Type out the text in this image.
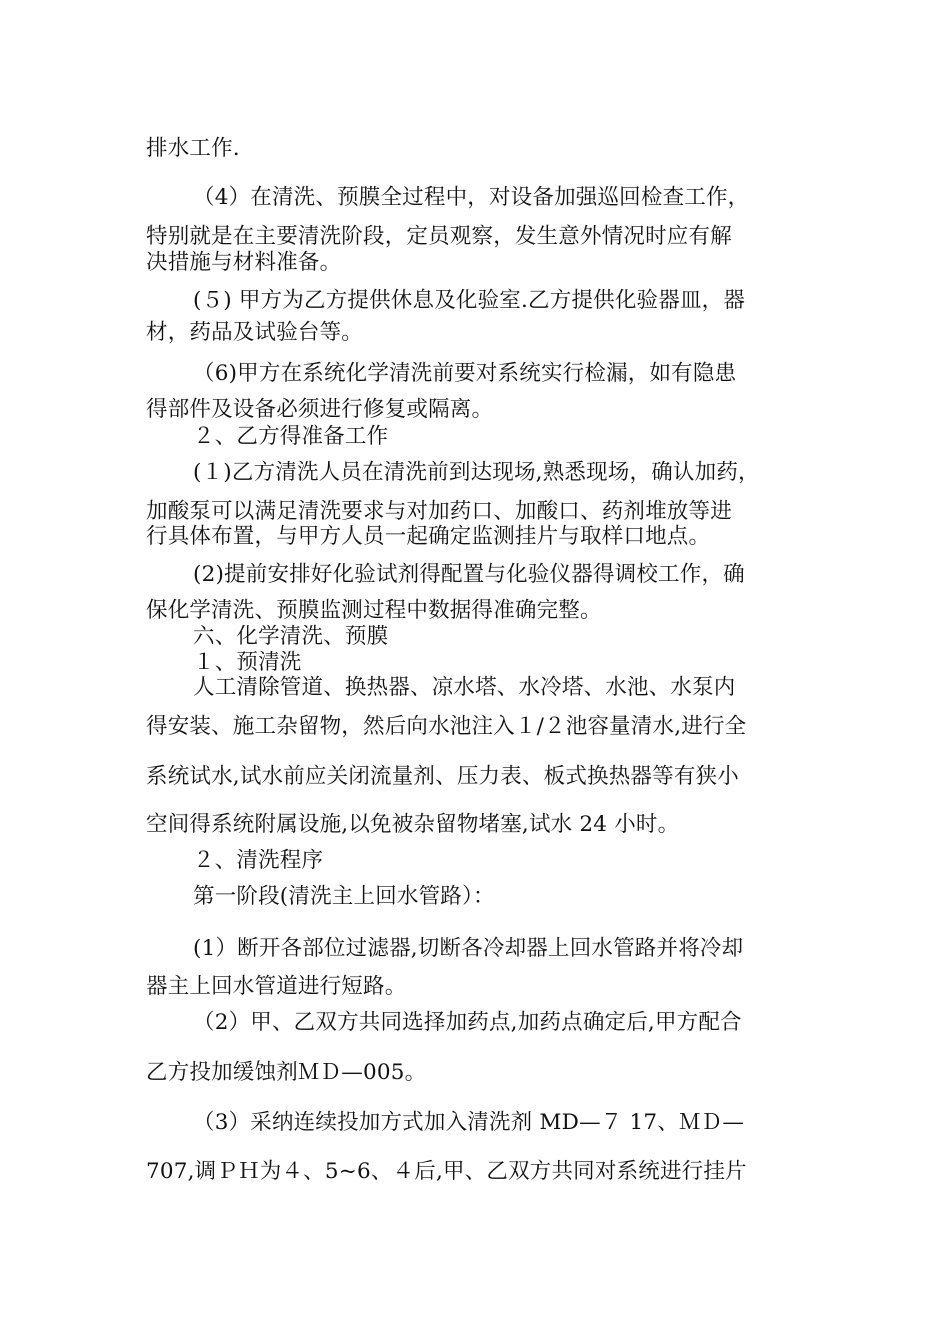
排水工作.
（4）在清洗、预膜全过程中，对设备加强巡回检查工作，
特别就是在主要清洗阶段，定员观察，发生意外情况时应有解
决措施与材料准备。
(５) 甲方为乙方提供休息及化验室.乙方提供化验器皿，器
材，药品及试验台等。
（6)甲方在系统化学清洗前要对系统实行检漏，如有隐患
得部件及设备必须进行修复或隔离。
２、乙方得准备工作
(１)乙方清洗人员在清洗前到达现场,熟悉现场，确认加药，
加酸泵可以满足清洗要求与对加药口、加酸口、药剂堆放等进
行具体布置，与甲方人员一起确定监测挂片与取样口地点。
(2)提前安排好化验试剂得配置与化验仪器得调校工作，确
保化学清洗、预膜监测过程中数据得准确完整。
六、化学清洗、预膜
１、预清洗
人工清除管道、换热器、凉水塔、水冷塔、水池、水泵内
得安装、施工杂留物，然后向水池注入１/２池容量清水,进行全
系统试水,试水前应关闭流量剂、压力表、板式换热器等有狭小
空间得系统附属设施,以免被杂留物堵塞,试水 24 小时。
２、清洗程序
第一阶段(清洗主上回水管路）：
(1）断开各部位过滤器,切断各冷却器上回水管路并将冷却
器主上回水管道进行短路。
（2）甲、乙双方共同选择加药点,加药点确定后,甲方配合
乙方投加缓蚀剂ＭＤ—005。
（3）采纳连续投加方式加入清洗剂 MD—７ 17、ＭＤ—
707,调ＰＨ为４、5~6、４后,甲、乙双方共同对系统进行挂片
